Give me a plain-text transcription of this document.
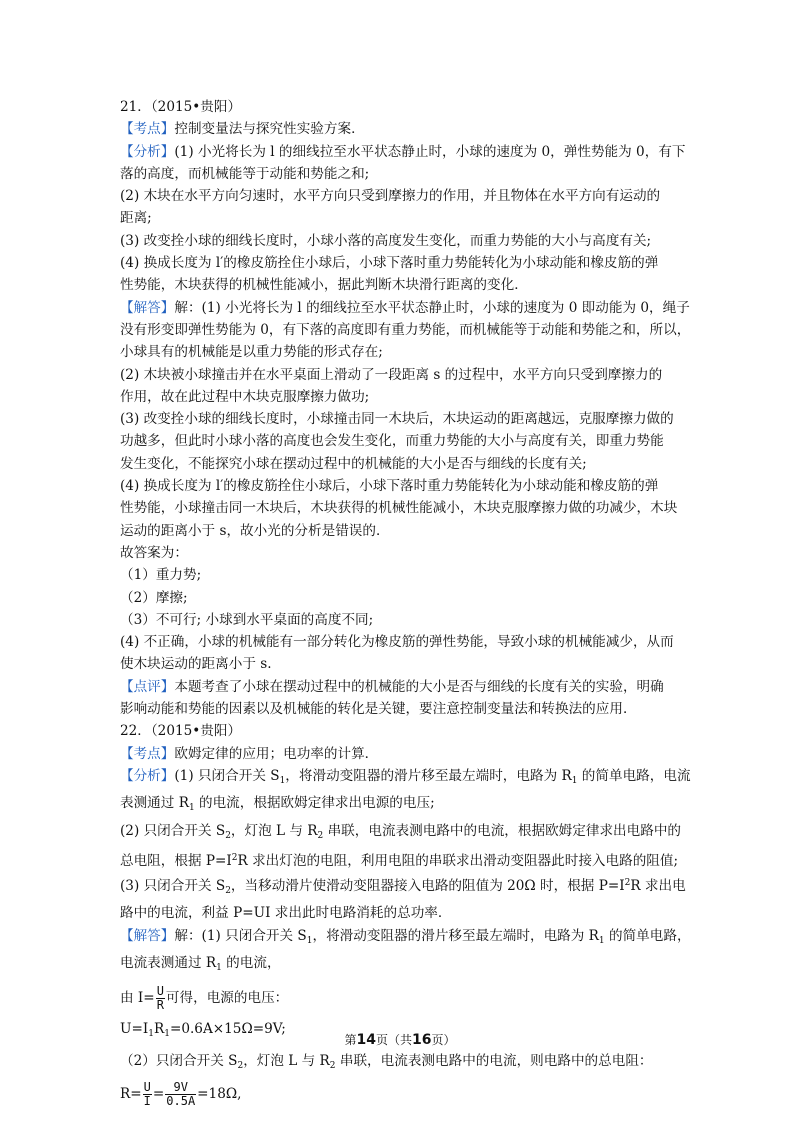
21．（2015•贵阳）
【考点】控制变量法与探究性实验方案．
【分析】(1) 小光将长为 l 的细线拉至水平状态静止时，小球的速度为 0，弹性势能为 0，有下
落的高度，而机械能等于动能和势能之和;
(2) 木块在水平方向匀速时，水平方向只受到摩擦力的作用，并且物体在水平方向有运动的
距离;
(3) 改变拴小球的细线长度时，小球小落的高度发生变化，而重力势能的大小与高度有关;
(4) 换成长度为 l′的橡皮筋拴住小球后，小球下落时重力势能转化为小球动能和橡皮筋的弹
性势能，木块获得的机械性能减小，据此判断木块滑行距离的变化．
【解答】解：(1) 小光将长为 l 的细线拉至水平状态静止时，小球的速度为 0 即动能为 0，绳子
没有形变即弹性势能为 0，有下落的高度即有重力势能，而机械能等于动能和势能之和，所以，
小球具有的机械能是以重力势能的形式存在;
(2) 木块被小球撞击并在水平桌面上滑动了一段距离 s 的过程中，水平方向只受到摩擦力的
作用，故在此过程中木块克服摩擦力做功;
(3) 改变拴小球的细线长度时，小球撞击同一木块后，木块运动的距离越远，克服摩擦力做的
功越多，但此时小球小落的高度也会发生变化，而重力势能的大小与高度有关，即重力势能
发生变化，不能探究小球在摆动过程中的机械能的大小是否与细线的长度有关;
(4) 换成长度为 l′的橡皮筋拴住小球后，小球下落时重力势能转化为小球动能和橡皮筋的弹
性势能，小球撞击同一木块后，木块获得的机械性能减小，木块克服摩擦力做的功减少，木块
运动的距离小于 s，故小光的分析是错误的．
故答案为：
（1）重力势;
（2）摩擦;
（3）不可行; 小球到水平桌面的高度不同;
(4) 不正确，小球的机械能有一部分转化为橡皮筋的弹性势能，导致小球的机械能减少，从而
使木块运动的距离小于 s.
【点评】本题考查了小球在摆动过程中的机械能的大小是否与细线的长度有关的实验，明确
影响动能和势能的因素以及机械能的转化是关键，要注意控制变量法和转换法的应用．
22．（2015•贵阳）
【考点】欧姆定律的应用；电功率的计算．
【分析】(1) 只闭合开关 $S_1$，将滑动变阻器的滑片移至最左端时，电路为 $R_1$ 的简单电路，电流
表测通过 $R_1$ 的电流，根据欧姆定律求出电源的电压;
(2) 只闭合开关 $S_2$，灯泡 L 与 $R_2$ 串联，电流表测电路中的电流，根据欧姆定律求出电路中的
总电阻，根据 $P=I^2R$ 求出灯泡的电阻，利用电阻的串联求出滑动变阻器此时接入电路的阻值;
(3) 只闭合开关 $S_2$，当移动滑片使滑动变阻器接入电路的阻值为 20Ω 时，根据 $P=I^2R$ 求出电
路中的电流，利益 P=UI 求出此时电路消耗的总功率．
【解答】解：(1) 只闭合开关 $S_1$，将滑动变阻器的滑片移至最左端时，电路为 $R_1$ 的简单电路，
电流表测通过 $R_1$ 的电流，
由 $I= \frac{U}{R}$ 可得，电源的电压：
$U=I_1R_1=0.6A\times 15\Omega=9V$;
（2）只闭合开关 $S_2$，灯泡 L 与 $R_2$ 串联，电流表测电路中的电流，则电路中的总电阻：
$R= \frac{U}{I} = \frac{9V}{0.5A} =18\Omega$,
第14页（共16页）
